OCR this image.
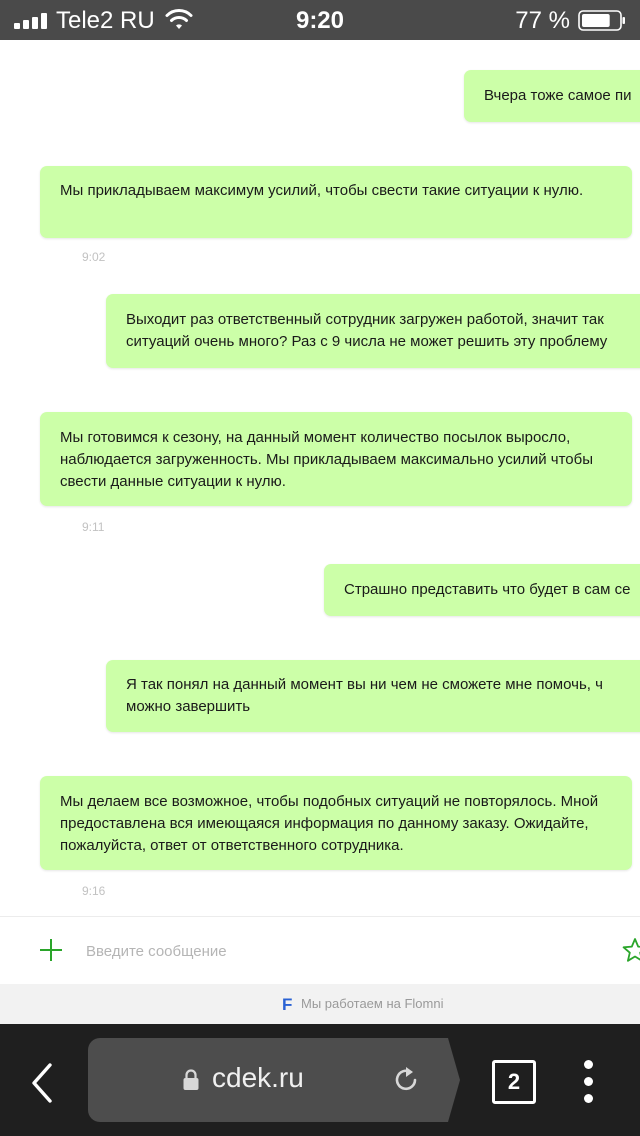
Tele2 RU	9:20	77 %
Вчера тоже самое пи
Мы прикладываем максимум усилий, чтобы свести такие ситуации к нулю.
9:02
Выходит раз ответственный сотрудник загружен работой, значит так
ситуаций очень много? Раз с 9 числа не может решить эту проблему
Мы готовимся к сезону, на данный момент количество посылок выросло, наблюдается загруженность. Мы прикладываем максимально усилий чтобы свести данные ситуации к нулю.
9:11
Страшно представить что будет в сам се
Я так понял на данный момент вы ни чем не сможете мне помочь, ч
можно завершить
Мы делаем все возможное, чтобы подобных ситуаций не повторялось. Мной предоставлена вся имеющаяся информация по данному заказу. Ожидайте, пожалуйста, ответ от ответственного сотрудника.
9:16
Введите сообщение
F Мы работаем на Flomni
cdek.ru	2
